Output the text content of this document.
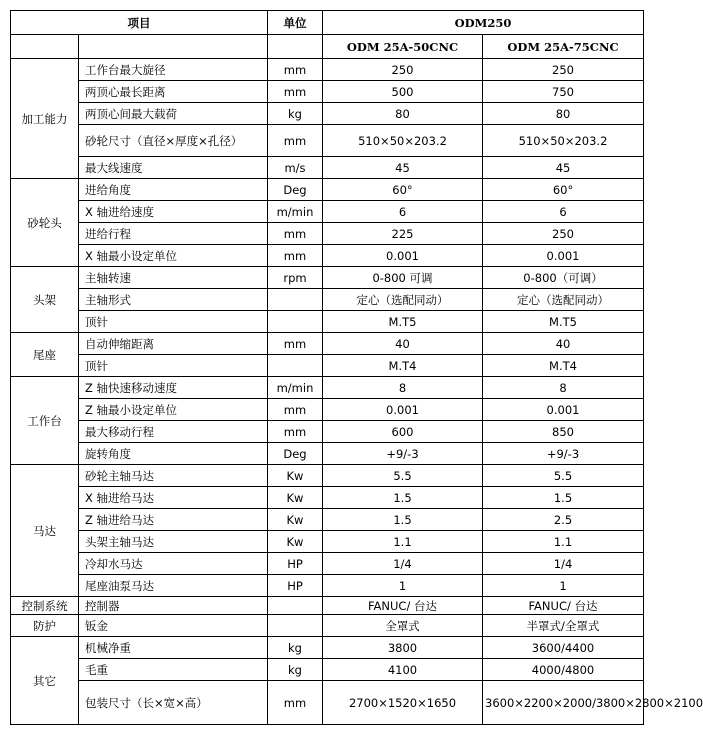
项目		单位	ODM250	
			ODM 25A-50CNC	ODM 25A-75CNC
加工能力	工作台最大旋径	mm	250	250
	两顶心最长距离	mm	500	750
	两顶心间最大载荷	kg	80	80
	砂轮尺寸（直径×厚度×孔径）	mm	510×50×203.2	510×50×203.2
	最大线速度	m/s	45	45
砂轮头	进给角度	Deg	60°	60°
	X 轴进给速度	m/min	6	6
	进给行程	mm	225	250
	X 轴最小设定单位	mm	0.001	0.001
头架	主轴转速	rpm	0-800 可调	0-800（可调）
	主轴形式		定心（选配同动）	定心（选配同动）
	顶针		M.T5	M.T5
尾座	自动伸缩距离	mm	40	40
	顶针		M.T4	M.T4
工作台	Z 轴快速移动速度	m/min	8	8
	Z 轴最小设定单位	mm	0.001	0.001
	最大移动行程	mm	600	850
	旋转角度	Deg	+9/-3	+9/-3
马达	砂轮主轴马达	Kw	5.5	5.5
	X 轴进给马达	Kw	1.5	1.5
	Z 轴进给马达	Kw	1.5	2.5
	头架主轴马达	Kw	1.1	1.1
	冷却水马达	HP	1/4	1/4
	尾座油泵马达	HP	1	1
控制系统	控制器		FANUC/ 台达	FANUC/ 台达
防护	钣金		全罩式	半罩式/全罩式
其它	机械净重	kg	3800	3600/4400
	毛重	kg	4100	4000/4800
	包装尺寸（长×宽×高）	mm	2700×1520×1650	3600×2200×2000/3800×2800×2100
